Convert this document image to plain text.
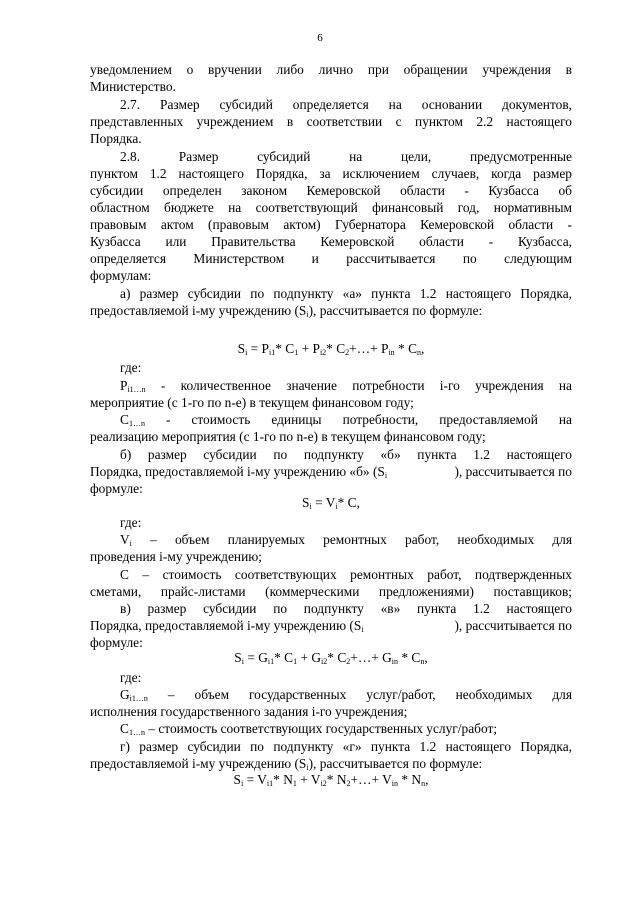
6
уведомлением о вручении либо лично при обращении учреждения в
Министерство.
2.7. Размер субсидий определяется на основании документов,
представленных учреждением в соответствии с пунктом 2.2 настоящего
Порядка.
2.8.	Размер	субсидий	на	цели,	предусмотренные
пунктом 1.2 настоящего Порядка, за исключением случаев, когда размер
субсидии определен законом Кемеровской области - Кузбасса об
областном бюджете на соответствующий финансовый год, нормативным
правовым актом (правовым актом) Губернатора Кемеровской области -
Кузбасса или Правительства Кемеровской области - Кузбасса,
определяется Министерством и рассчитывается по следующим
формулам:
а) размер субсидии по подпункту «а» пункта 1.2 настоящего Порядка,
предоставляемой i-му учреждению $(S_i)$, рассчитывается по формуле:
$S_i = P_{i1}*$ $C_1 + P_{i2}*$ $C_2+\dots+ P_{in} * C_n$,
где:
$P_{i1\dots n}$ - количественное значение потребности i-го учреждения на
мероприятие (с 1-го по n-е) в текущем финансовом году;
$C_{1\dots n}$ - стоимость единицы потребности, предоставляемой на
реализацию мероприятия (с 1-го по n-е) в текущем финансовом году;
б) размер субсидии по подпункту «б» пункта 1.2 настоящего
Порядка, предоставляемой i-му учреждению «б» ($S_i$	), рассчитывается по
формуле:
$S_i = V_i*$ C,
где:
$V_i$ – объем планируемых ремонтных работ, необходимых для
проведения i-му учреждению;
C – стоимость соответствующих ремонтных работ, подтвержденных
сметами, прайс-листами (коммерческими предложениями) поставщиков;
в) размер субсидии по подпункту «в» пункта 1.2 настоящего
Порядка, предоставляемой i-му учреждению ($S_i$	), рассчитывается по
формуле:
$S_i = G_{i1}*$ $C_1 + G_{i2}*$ $C_2+\dots+ G_{in} * C_n$,
где:
$G_{i1\dots n}$ – объем государственных услуг/работ, необходимых для
исполнения государственного задания i-го учреждения;
$C_{1\dots n}$ – стоимость соответствующих государственных услуг/работ;
г) размер субсидии по подпункту «г» пункта 1.2 настоящего Порядка,
предоставляемой i-му учреждению $(S_i)$, рассчитывается по формуле:
$S_i = V_{i1}*$ $N_1 + V_{i2}*$ $N_2+\dots+ V_{in} * N_n$,
